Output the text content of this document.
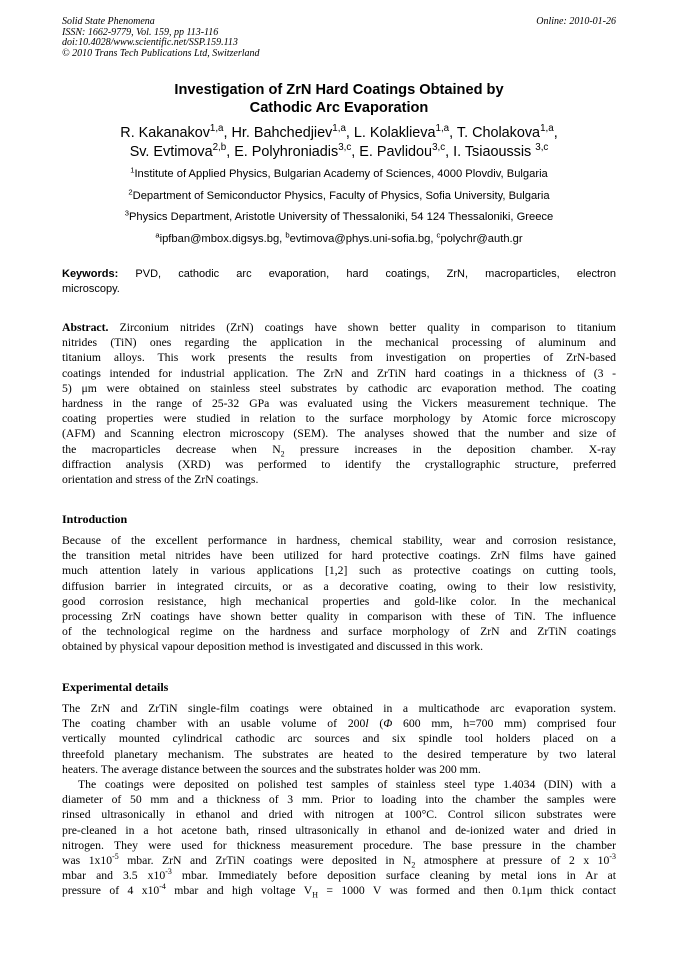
Solid State Phenomena
ISSN: 1662-9779, Vol. 159, pp 113-116
doi:10.4028/www.scientific.net/SSP.159.113
© 2010 Trans Tech Publications Ltd, Switzerland
Online: 2010-01-26
Investigation of ZrN Hard Coatings Obtained by
Cathodic Arc Evaporation
R. Kakanakov$^{1,a}$, Hr. Bahchedjiev$^{1,a}$, L. Kolaklieva$^{1,a}$, T. Cholakova$^{1,a}$,
Sv. Evtimova$^{2,b}$, E. Polyhroniadis$^{3,c}$, E. Pavlidou$^{3,c}$, I. Tsiaoussis $^{3,c}$
$^1$Institute of Applied Physics, Bulgarian Academy of Sciences, 4000 Plovdiv, Bulgaria
$^2$Department of Semiconductor Physics, Faculty of Physics, Sofia University, Bulgaria
$^3$Physics Department, Aristotle University of Thessaloniki, 54 124 Thessaloniki, Greece
$^a$ipfban@mbox.digsys.bg, $^b$evtimova@phys.uni-sofia.bg, $^c$polychr@auth.gr
Keywords: PVD, cathodic arc evaporation, hard coatings, ZrN, macroparticles, electron
microscopy.
Abstract. Zirconium nitrides (ZrN) coatings have shown better quality in comparison to titanium
nitrides (TiN) ones regarding the application in the mechanical processing of aluminum and
titanium alloys. This work presents the results from investigation on properties of ZrN-based
coatings intended for industrial application. The ZrN and ZrTiN hard coatings in a thickness of (3 -
5) μm were obtained on stainless steel substrates by cathodic arc evaporation method. The coating
hardness in the range of 25-32 GPa was evaluated using the Vickers measurement technique. The
coating properties were studied in relation to the surface morphology by Atomic force microscopy
(AFM) and Scanning electron microscopy (SEM). The analyses showed that the number and size of
the macroparticles decrease when $N_2$ pressure increases in the deposition chamber. X-ray
diffraction analysis (XRD) was performed to identify the crystallographic structure, preferred
orientation and stress of the ZrN coatings.
Introduction
Because of the excellent performance in hardness, chemical stability, wear and corrosion resistance,
the transition metal nitrides have been utilized for hard protective coatings. ZrN films have gained
much attention lately in various applications [1,2] such as protective coatings on cutting tools,
diffusion barrier in integrated circuits, or as a decorative coating, owing to their low resistivity,
good corrosion resistance, high mechanical properties and gold-like color. In the mechanical
processing ZrN coatings have shown better quality in comparison with these of TiN. The influence
of the technological regime on the hardness and surface morphology of ZrN and ZrTiN coatings
obtained by physical vapour deposition method is investigated and discussed in this work.
Experimental details
The ZrN and ZrTiN single-film coatings were obtained in a multicathode arc evaporation system.
The coating chamber with an usable volume of 200l (Φ 600 mm, h=700 mm) comprised four
vertically mounted cylindrical cathodic arc sources and six spindle tool holders placed on a
threefold planetary mechanism. The substrates are heated to the desired temperature by two lateral
heaters. The average distance between the sources and the substrates holder was 200 mm.
The coatings were deposited on polished test samples of stainless steel type 1.4034 (DIN) with a
diameter of 50 mm and a thickness of 3 mm. Prior to loading into the chamber the samples were
rinsed ultrasonically in ethanol and dried with nitrogen at 100°C. Control silicon substrates were
pre-cleaned in a hot acetone bath, rinsed ultrasonically in ethanol and de-ionized water and dried in
nitrogen. They were used for thickness measurement procedure. The base pressure in the chamber
was $1x10^{-5}$ mbar. ZrN and ZrTiN coatings were deposited in $N_2$ atmosphere at pressure of 2 x $10^{-3}$
mbar and 3.5 $x10^{-3}$ mbar. Immediately before deposition surface cleaning by metal ions in Ar at
pressure of 4 $x10^{-4}$ mbar and high voltage $V_H = 1000$ V was formed and then 0.1μm thick contact
